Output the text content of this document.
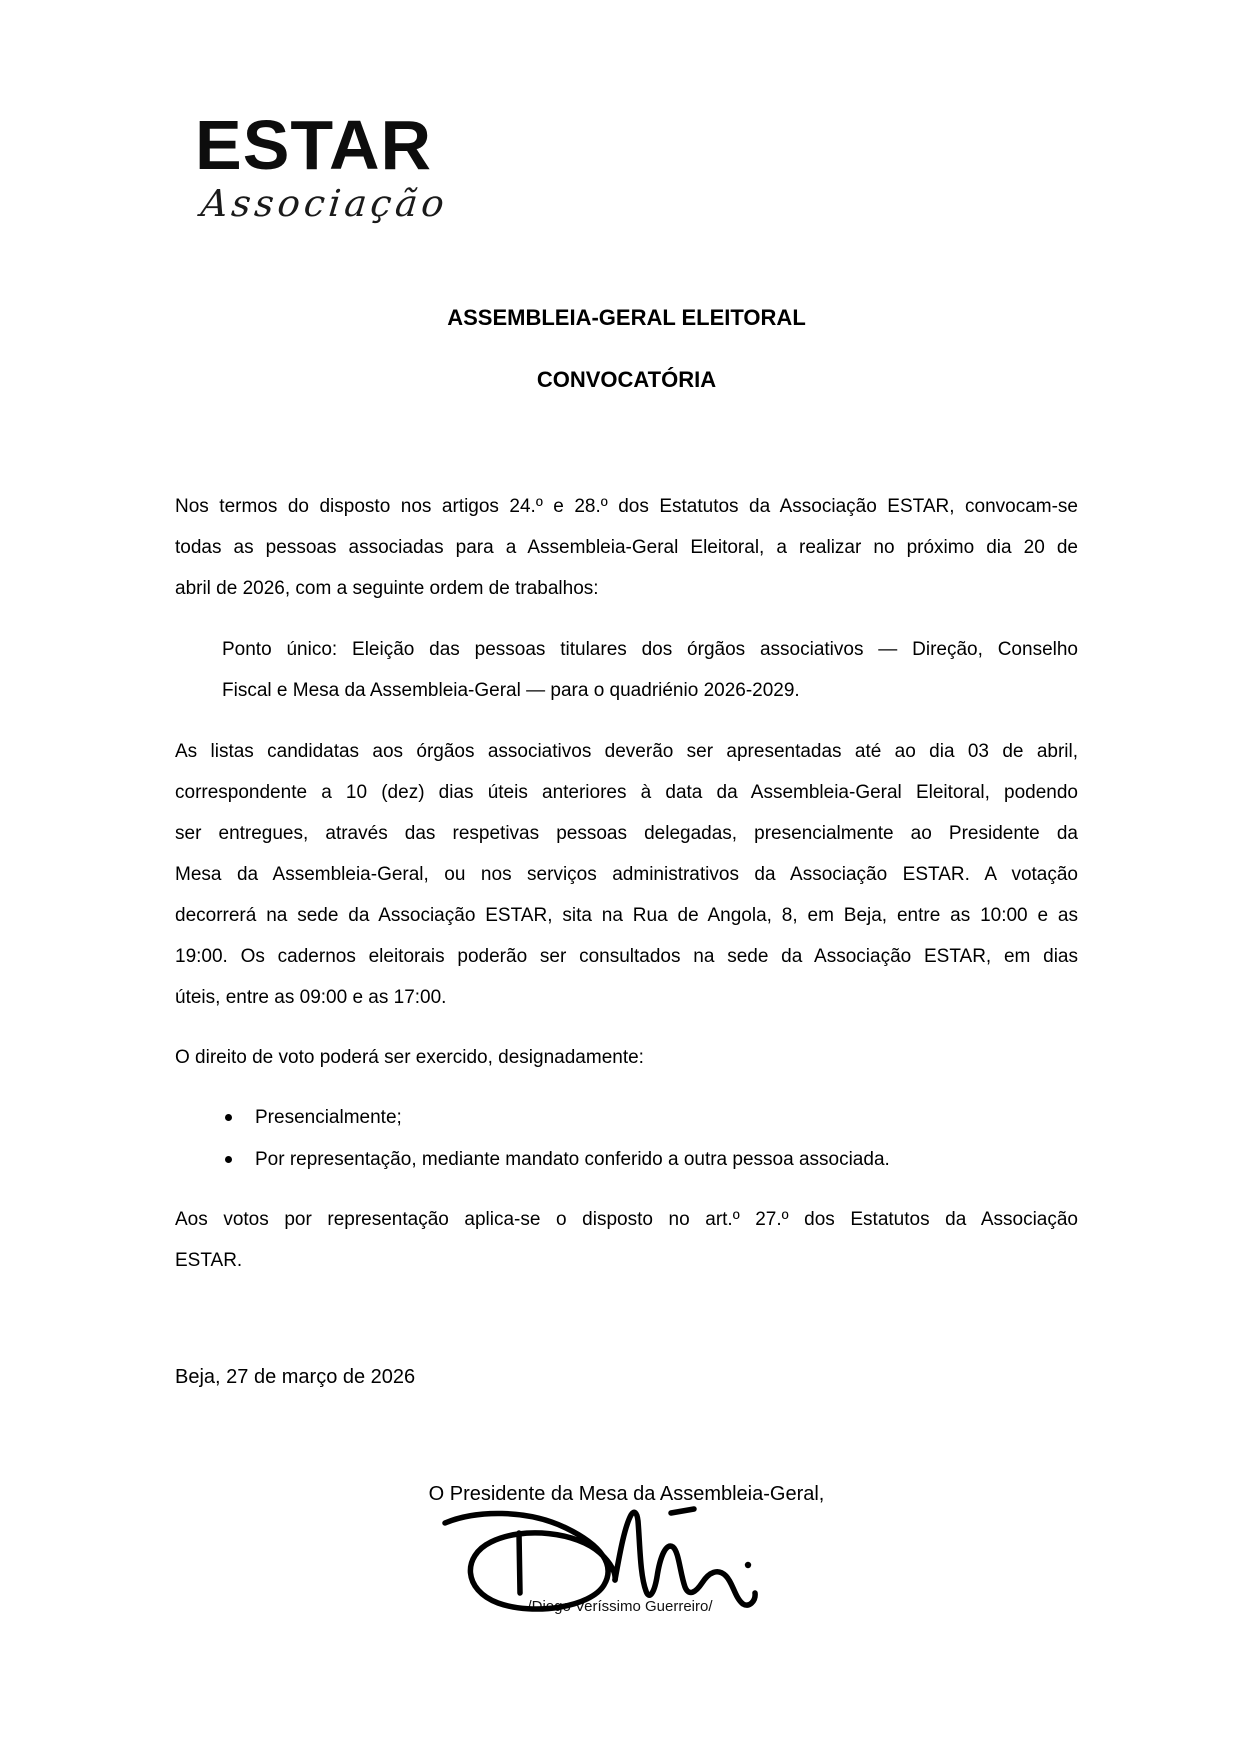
ESTAR
Associação
ASSEMBLEIA-GERAL ELEITORAL
CONVOCATÓRIA
Nos termos do disposto nos artigos 24.º e 28.º dos Estatutos da Associação ESTAR, convocam-se
todas as pessoas associadas para a Assembleia-Geral Eleitoral, a realizar no próximo dia 20 de
abril de 2026, com a seguinte ordem de trabalhos:
Ponto único: Eleição das pessoas titulares dos órgãos associativos — Direção, Conselho
Fiscal e Mesa da Assembleia-Geral — para o quadriénio 2026-2029.
As listas candidatas aos órgãos associativos deverão ser apresentadas até ao dia 03 de abril,
correspondente a 10 (dez) dias úteis anteriores à data da Assembleia-Geral Eleitoral, podendo
ser entregues, através das respetivas pessoas delegadas, presencialmente ao Presidente da
Mesa da Assembleia-Geral, ou nos serviços administrativos da Associação ESTAR. A votação
decorrerá na sede da Associação ESTAR, sita na Rua de Angola, 8, em Beja, entre as 10:00 e as
19:00. Os cadernos eleitorais poderão ser consultados na sede da Associação ESTAR, em dias
úteis, entre as 09:00 e as 17:00.
O direito de voto poderá ser exercido, designadamente:
Presencialmente;
Por representação, mediante mandato conferido a outra pessoa associada.
Aos votos por representação aplica-se o disposto no art.º 27.º dos Estatutos da Associação
ESTAR.
Beja, 27 de março de 2026
O Presidente da Mesa da Assembleia-Geral,
/Diogo Veríssimo Guerreiro/
